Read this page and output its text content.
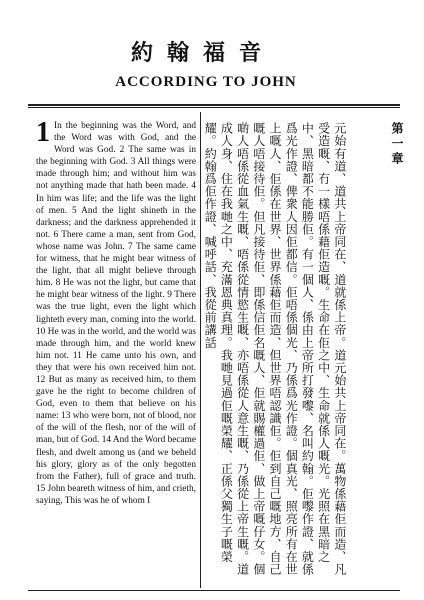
約翰福音
ACCORDING TO JOHN
1 In the beginning was the Word, and the Word was with God, and the Word was God. 2 The same was in the beginning with God. 3 All things were made through him; and without him was not anything made that hath been made. 4 In him was life; and the life was the light of men. 5 And the light shineth in the darkness; and the darkness apprehended it not. 6 There came a man, sent from God, whose name was John. 7 The same came for witness, that he might bear witness of the light, that all might believe through him. 8 He was not the light, but came that he might bear witness of the light. 9 There was the true light, even the light which lighteth every man, coming into the world. 10 He was in the world, and the world was made through him, and the world knew him not. 11 He came unto his own, and they that were his own received him not. 12 But as many as received him, to them gave he the right to become children of God, even to them that believe on his name: 13 who were born, not of blood, nor of the will of the flesh, nor of the will of man, but of God. 14 And the Word became flesh, and dwelt among us (and we beheld his glory, glory as of the only begotten from the Father), full of grace and truth. 15 John beareth witness of him, and crieth, saying, This was he of whom I	元始有道、道共上帝同在、道就係上帝。道元始共上帝同在。萬物係藉佢而造、凡受造嘅、冇一樣唔係藉佢造嘅。生命在佢之中、生命就係人嘅光。光照在黑暗之中、黑暗都不能勝佢。有一個人、係由上帝所打發嚟、名叫約翰。佢嚟作證、就係爲光作證、俾衆人因佢都信。佢唔係個光、乃係爲光作證。個真光、照亮所有在世上嘅人、佢係在世界、世界係藉佢而造、但世界唔認識佢。佢到自己嘅地方、自己嘅人唔接待佢。但凡接待佢、即係信佢名嘅人、佢就賜權過佢、做上帝嘅仔女。個啲人唔係從血氣生嘅、唔係從情慾生嘅、亦唔係從人意生嘅、乃係從上帝生嘅。道成人身、住在我哋之中、充滿恩典真理。我哋見過佢嘅榮耀、正係父獨生子嘅榮耀。約翰爲佢作證、喊呼話、我從前講話	第一章
